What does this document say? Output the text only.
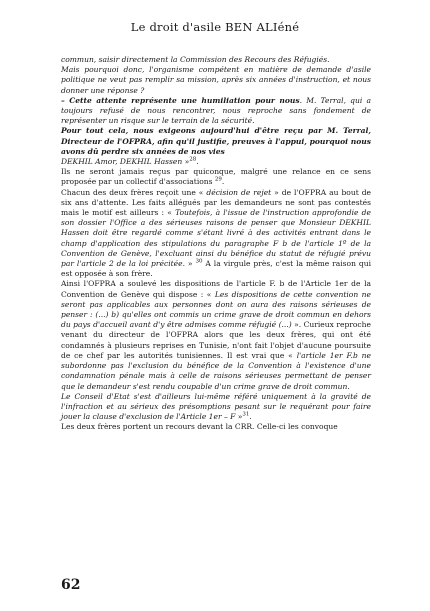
Le droit d'asile BEN ALIéné

commun, saisir directement la Commission des Recours des Réfugiés.

Mais pourquoi donc, l'organisme compétent en matière de demande d'asile politique ne veut pas remplir sa mission, après six années d'instruction, et nous donner une réponse ?

– Cette attente représente une humiliation pour nous. M. Terral, qui a toujours refusé de nous rencontrer, nous reproche sans fondement de représenter un risque sur le terrain de la sécurité.

Pour tout cela, nous exigeons aujourd'hui d'être reçu par M. Terral, Directeur de l'OFPRA, afin qu'il justifie, preuves à l'appui, pourquoi nous avons dû perdre six années de nos vies

DEKHIL Amor, DEKHIL Hassen »$^{28}$.

Ils ne seront jamais reçus par quiconque, malgré une relance en ce sens proposée par un collectif d'associations $^{29}$.

Chacun des deux frères reçoit une « décision de rejet » de l'OFPRA au bout de six ans d'attente. Les faits allégués par les demandeurs ne sont pas contestés mais le motif est ailleurs : « Toutefois, à l'issue de l'instruction approfondie de son dossier l'Office a des sérieuses raisons de penser que Monsieur DEKHIL Hassen doit être regardé comme s'étant livré à des activités entrant dans le champ d'application des stipulations du paragraphe F b de l'article 1º de la Convention de Genève, l'excluant ainsi du bénéfice du statut de réfugié prévu par l'article 2 de la loi précitée. » $^{30}$ A la virgule près, c'est la même raison qui est opposée à son frère.

Ainsi l'OFPRA a soulevé les dispositions de l'article F. b de l'Article 1er de la Convention de Genève qui dispose : « Les dispositions de cette convention ne seront pas applicables aux personnes dont on aura des raisons sérieuses de penser : (...) b) qu'elles ont commis un crime grave de droit commun en dehors du pays d'accueil avant d'y être admises comme réfugié (...) ». Curieux reproche venant du directeur de l'OFPRA alors que les deux frères, qui ont été condamnés à plusieurs reprises en Tunisie, n'ont fait l'objet d'aucune poursuite de ce chef par les autorités tunisiennes. Il est vrai que « l'article 1er F.b ne subordonne pas l'exclusion du bénéfice de la Convention à l'existence d'une condamnation pénale mais à celle de raisons sérieuses permettant de penser que le demandeur s'est rendu coupable d'un crime grave de droit commun.

Le Conseil d'Etat s'est d'ailleurs lui-même référé uniquement à la gravité de l'infraction et au sérieux des présomptions pesant sur le requérant pour faire jouer la clause d'exclusion de l'Article 1er – F »$^{31}$.

Les deux frères portent un recours devant la CRR. Celle-ci les convoque

62
